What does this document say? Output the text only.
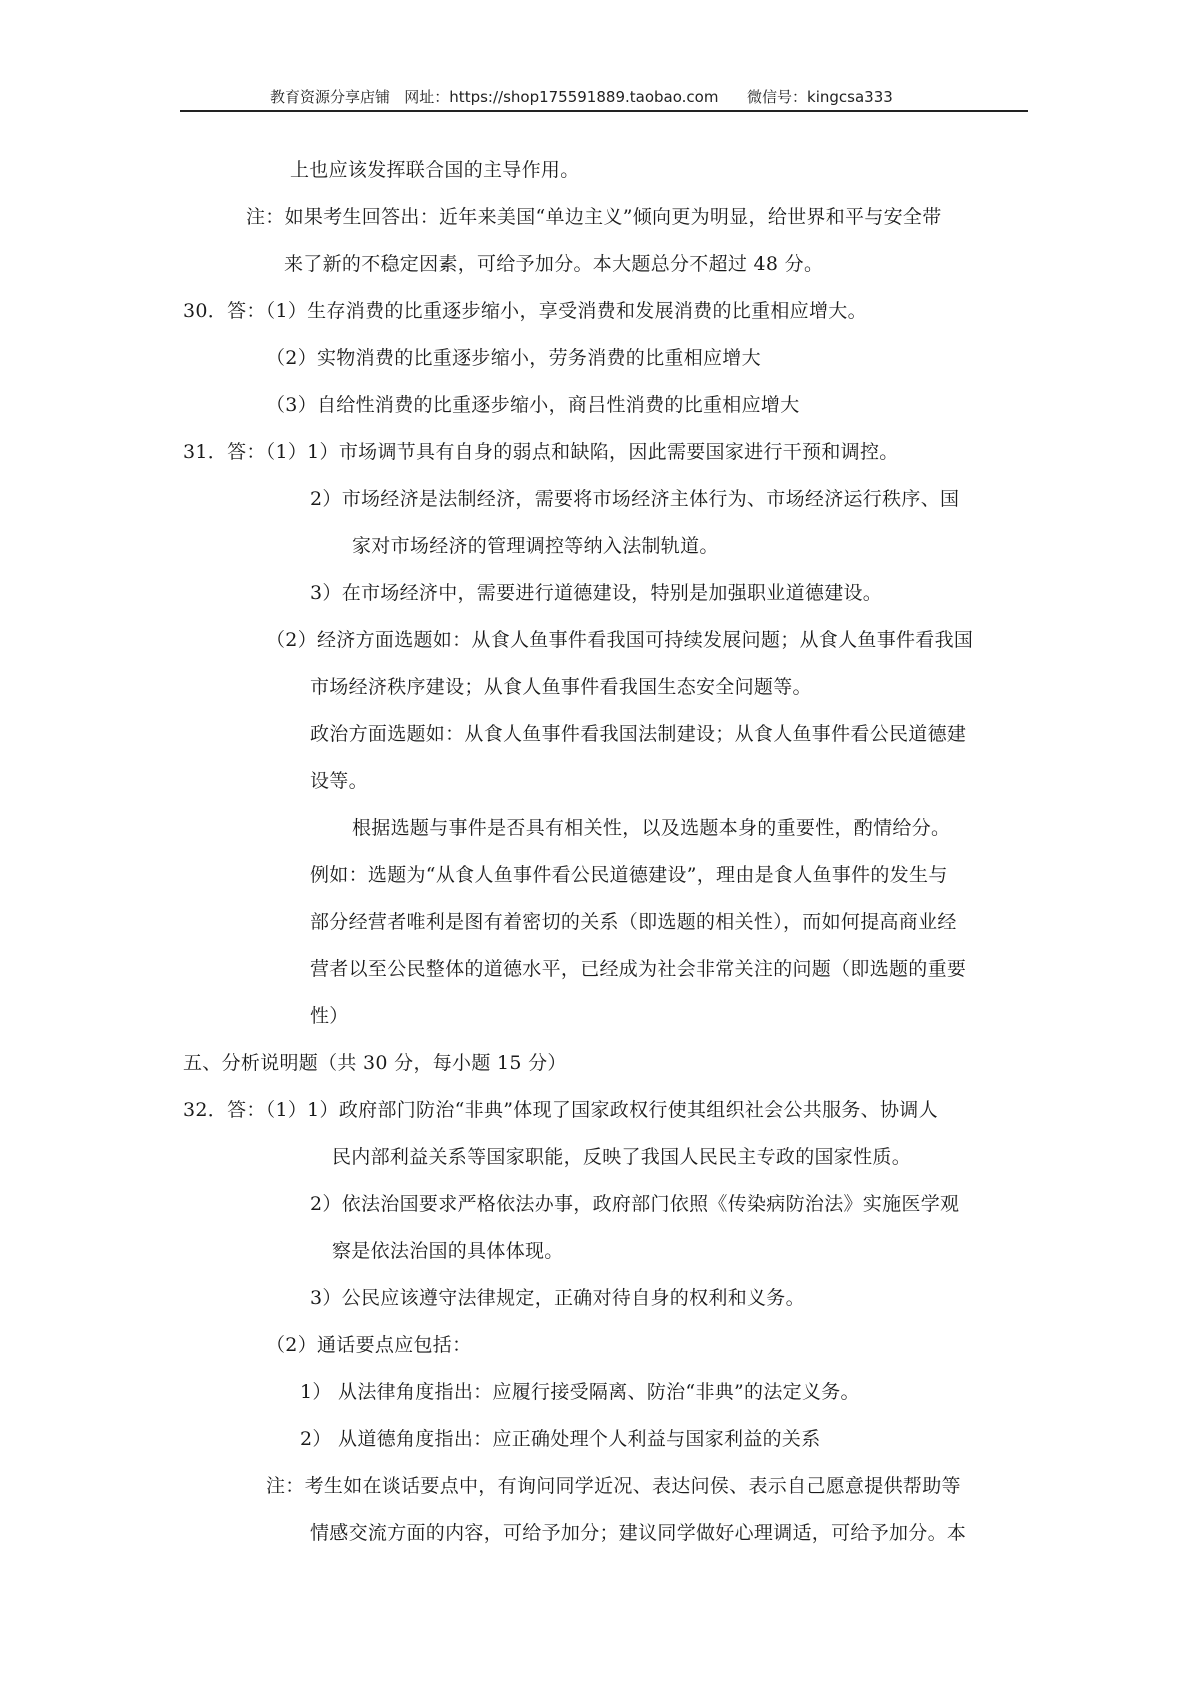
教育资源分享店铺   网址：https://shop175591889.taobao.com      微信号：kingcsa333
上也应该发挥联合国的主导作用。
注：如果考生回答出：近年来美国“单边主义”倾向更为明显，给世界和平与安全带
来了新的不稳定因素，可给予加分。本大题总分不超过 48 分。
30．答：（1）生存消费的比重逐步缩小，享受消费和发展消费的比重相应增大。
（2）实物消费的比重逐步缩小，劳务消费的比重相应增大
（3）自给性消费的比重逐步缩小，商吕性消费的比重相应增大
31．答：（1）1）市场调节具有自身的弱点和缺陷，因此需要国家进行干预和调控。
2）市场经济是法制经济，需要将市场经济主体行为、市场经济运行秩序、国
家对市场经济的管理调控等纳入法制轨道。
3）在市场经济中，需要进行道德建设，特别是加强职业道德建设。
（2）经济方面选题如：从食人鱼事件看我国可持续发展问题；从食人鱼事件看我国
市场经济秩序建设；从食人鱼事件看我国生态安全问题等。
政治方面选题如：从食人鱼事件看我国法制建设；从食人鱼事件看公民道德建
设等。
根据选题与事件是否具有相关性，以及选题本身的重要性，酌情给分。
例如：选题为“从食人鱼事件看公民道德建设”，理由是食人鱼事件的发生与
部分经营者唯利是图有着密切的关系（即选题的相关性），而如何提高商业经
营者以至公民整体的道德水平，已经成为社会非常关注的问题（即选题的重要
性）
五、分析说明题（共 30 分，每小题 15 分）
32．答：（1）1）政府部门防治“非典”体现了国家政权行使其组织社会公共服务、协调人
民内部利益关系等国家职能，反映了我国人民民主专政的国家性质。
2）依法治国要求严格依法办事，政府部门依照《传染病防治法》实施医学观
察是依法治国的具体体现。
3）公民应该遵守法律规定，正确对待自身的权利和义务。
（2）通话要点应包括：
1） 从法律角度指出：应履行接受隔离、防治“非典”的法定义务。
2） 从道德角度指出：应正确处理个人利益与国家利益的关系
注：考生如在谈话要点中，有询问同学近况、表达问侯、表示自己愿意提供帮助等
情感交流方面的内容，可给予加分；建议同学做好心理调适，可给予加分。本
